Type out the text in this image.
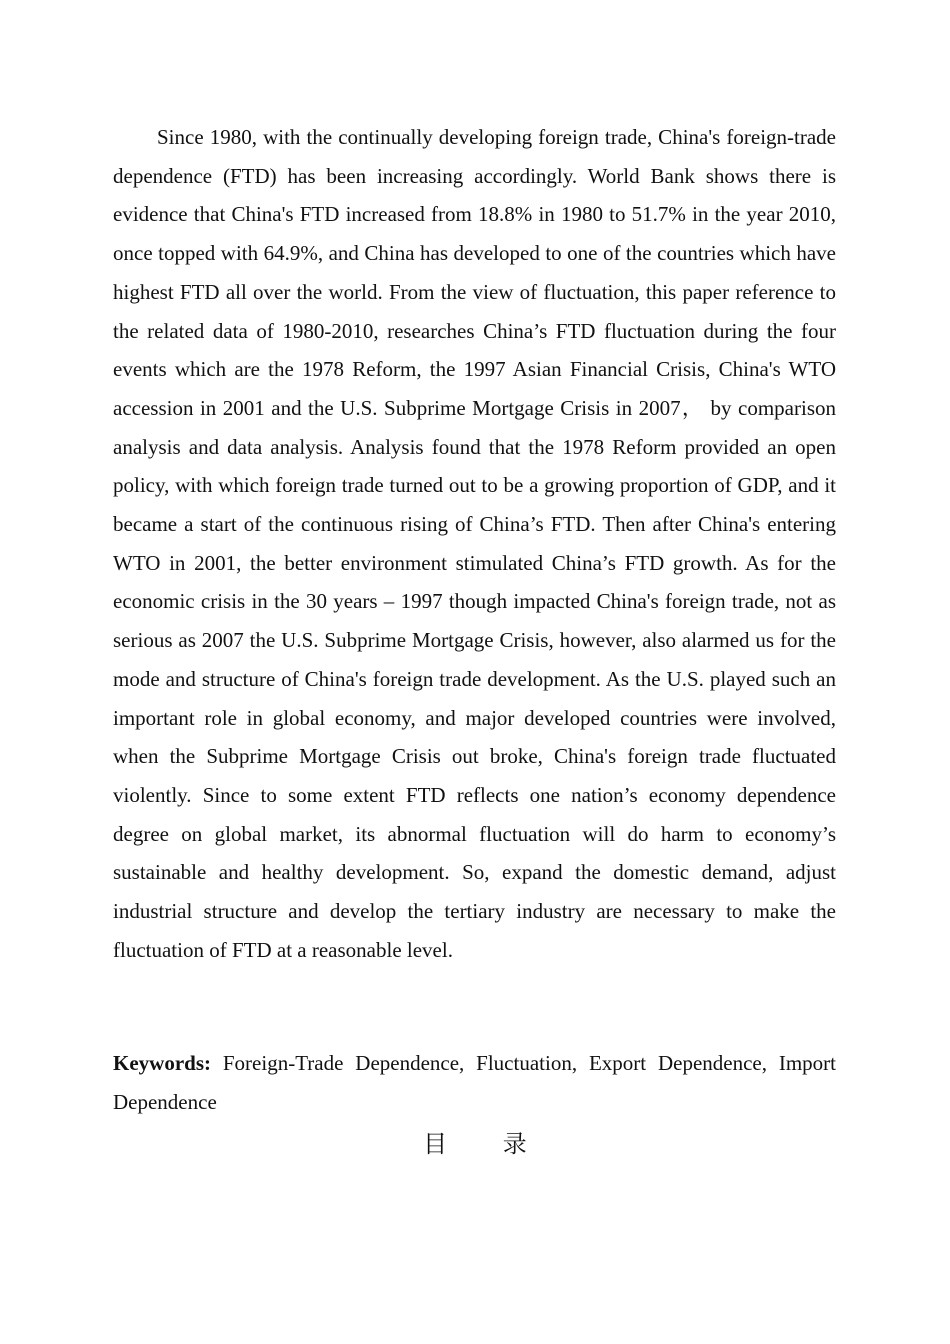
Since 1980, with the continually developing foreign trade, China's foreign-trade dependence (FTD) has been increasing accordingly. World Bank shows there is evidence that China's FTD increased from 18.8% in 1980 to 51.7% in the year 2010, once topped with 64.9%, and China has developed to one of the countries which have highest FTD all over the world. From the view of fluctuation, this paper reference to the related data of 1980-2010, researches China’s FTD fluctuation during the four events which are the 1978 Reform, the 1997 Asian Financial Crisis, China's WTO accession in 2001 and the U.S. Subprime Mortgage Crisis in 2007， by comparison analysis and data analysis. Analysis found that the 1978 Reform provided an open policy, with which foreign trade turned out to be a growing proportion of GDP, and it became a start of the continuous rising of China’s FTD. Then after China's entering WTO in 2001, the better environment stimulated China’s FTD growth. As for the economic crisis in the 30 years – 1997 though impacted China's foreign trade, not as serious as 2007 the U.S. Subprime Mortgage Crisis, however, also alarmed us for the mode and structure of China's foreign trade development. As the U.S. played such an important role in global economy, and major developed countries were involved, when the Subprime Mortgage Crisis out broke, China's foreign trade fluctuated violently. Since to some extent FTD reflects one nation’s economy dependence degree on global market, its abnormal fluctuation will do harm to economy’s sustainable and healthy development. So, expand the domestic demand, adjust industrial structure and develop the tertiary industry are necessary to make the fluctuation of FTD at a reasonable level.

Keywords: Foreign-Trade Dependence, Fluctuation, Export Dependence, Import Dependence

目 录
